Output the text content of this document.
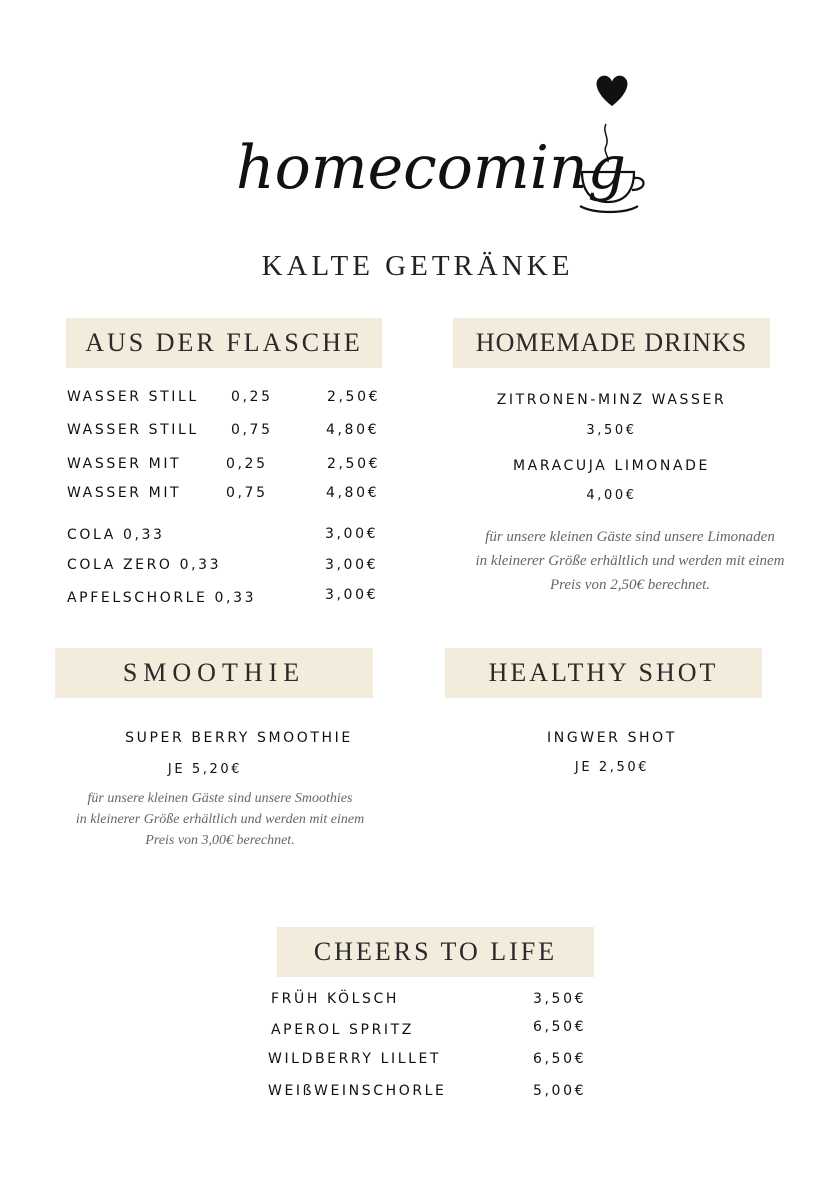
homecoming
KALTE GETRÄNKE
AUS DER FLASCHE
WASSER STILL 0,25	2,50€
WASSER STILL 0,75	4,80€
WASSER MIT	0,25	2,50€
WASSER MIT	0,75	4,80€
COLA 0,33	3,00€
COLA ZERO 0,33	3,00€
APFELSCHORLE 0,33	3,00€
HOMEMADE DRINKS
ZITRONEN-MINZ WASSER
3,50€
MARACUJA LIMONADE
4,00€
für unsere kleinen Gäste sind unsere Limonaden
in kleinerer Größe erhältlich und werden mit einem
Preis von 2,50€ berechnet.
SMOOTHIE
SUPER BERRY SMOOTHIE
JE 5,20€
für unsere kleinen Gäste sind unsere Smoothies
in kleinerer Größe erhältlich und werden mit einem
Preis von 3,00€ berechnet.
HEALTHY SHOT
INGWER SHOT
JE 2,50€
CHEERS TO LIFE
FRÜH KÖLSCH	3,50€
APEROL SPRITZ	6,50€
WILDBERRY LILLET	6,50€
WEIßWEINSCHORLE	5,00€
